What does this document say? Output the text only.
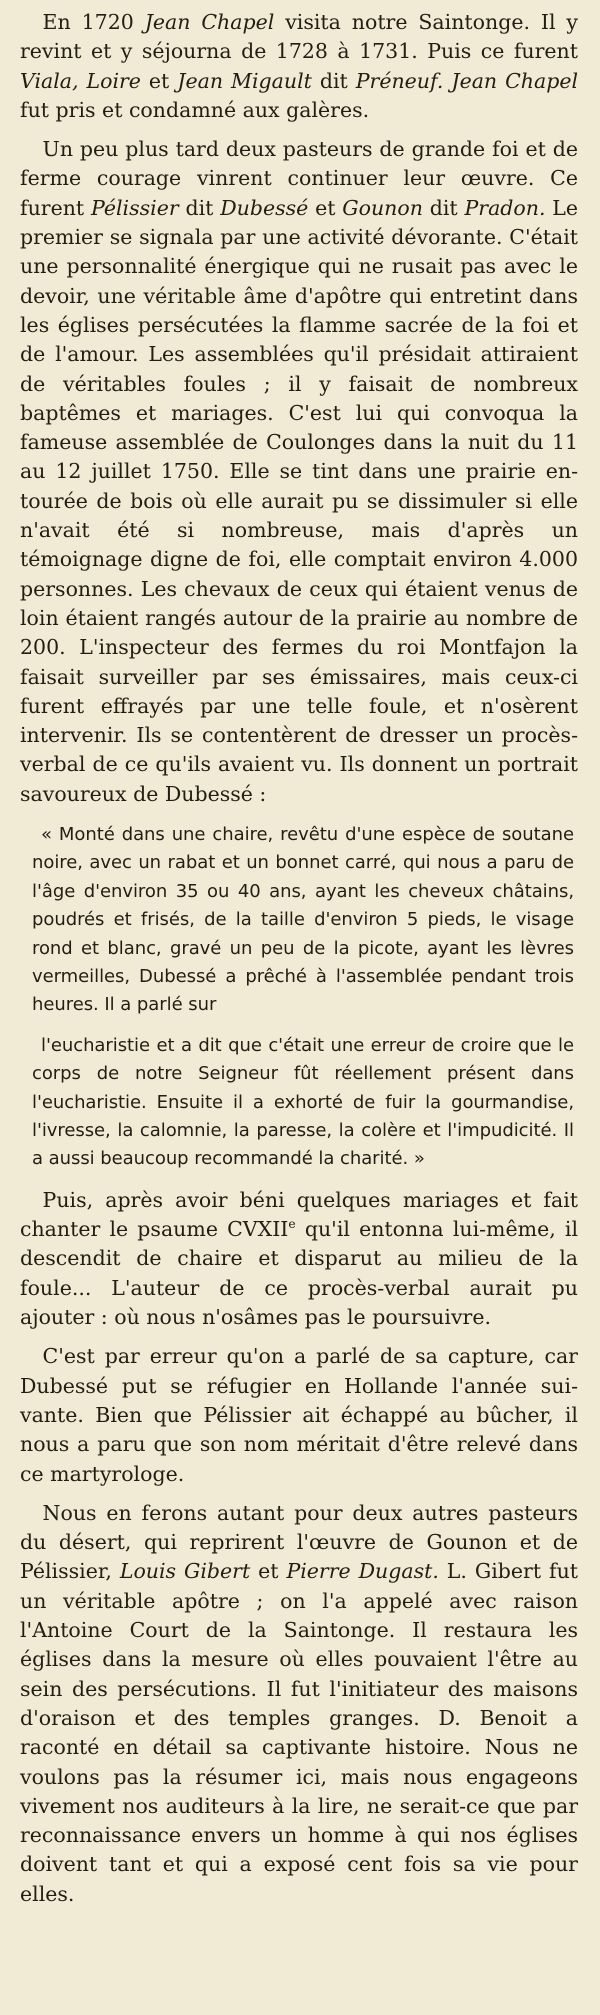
En 1720 Jean Chapel visita notre Saintonge. Il y revint et y séjourna de 1728 à 1731. Puis ce furent Viala, Loire et Jean Migault dit Préneuf. Jean Chapel fut pris et condamné aux galères.

Un peu plus tard deux pasteurs de grande foi et de ferme courage vinrent continuer leur œuvre. Ce furent Pélissier dit Dubessé et Gounon dit Pradon. Le premier se signala par une activité dévorante. C'était une personnalité énergique qui ne rusait pas avec le devoir, une véritable âme d'apôtre qui entretint dans les églises persécutées la flamme sacrée de la foi et de l'amour. Les assemblées qu'il présidait attiraient de véritables foules ; il y faisait de nombreux baptêmes et mariages. C'est lui qui convoqua la fameuse assemblée de Coulonges dans la nuit du 11 au 12 juillet 1750. Elle se tint dans une prairie entourée de bois où elle aurait pu se dissimuler si elle n'avait été si nombreuse, mais d'après un témoignage digne de foi, elle comptait environ 4.000 personnes. Les chevaux de ceux qui étaient venus de loin étaient rangés autour de la prairie au nombre de 200. L'inspecteur des fermes du roi Montfajon la faisait surveiller par ses émissaires, mais ceux-ci furent effrayés par une telle foule, et n'osèrent intervenir. Ils se contentèrent de dresser un procès-verbal de ce qu'ils avaient vu. Ils donnent un portrait savoureux de Dubessé :

« Monté dans une chaire, revêtu d'une espèce de soutane noire, avec un rabat et un bonnet carré, qui nous a paru de l'âge d'environ 35 ou 40 ans, ayant les cheveux châtains, poudrés et frisés, de la taille d'environ 5 pieds, le visage rond et blanc, gravé un peu de la picote, ayant les lèvres vermeilles, Dubessé a prêché à l'assemblée pendant trois heures. Il a parlé sur

l'eucharistie et a dit que c'était une erreur de croire que le corps de notre Seigneur fût réellement présent dans l'eucharistie. Ensuite il a exhorté de fuir la gourmandise, l'ivresse, la calomnie, la paresse, la colère et l'impudicité. Il a aussi beaucoup recommandé la charité. »

Puis, après avoir béni quelques mariages et fait chanter le psaume CVXIIe qu'il entonna lui-même, il descendit de chaire et disparut au milieu de la foule... L'auteur de ce procès-verbal aurait pu ajouter : où nous n'osâmes pas le poursuivre.

C'est par erreur qu'on a parlé de sa capture, car Dubessé put se réfugier en Hollande l'année suivante. Bien que Pélissier ait échappé au bûcher, il nous a paru que son nom méritait d'être relevé dans ce martyrologe.

Nous en ferons autant pour deux autres pasteurs du désert, qui reprirent l'œuvre de Gounon et de Pélissier, Louis Gibert et Pierre Dugast. L. Gibert fut un véritable apôtre ; on l'a appelé avec raison l'Antoine Court de la Saintonge. Il restaura les églises dans la mesure où elles pouvaient l'être au sein des persécutions. Il fut l'initiateur des maisons d'oraison et des temples granges. D. Benoit a raconté en détail sa captivante histoire. Nous ne voulons pas la résumer ici, mais nous engageons vivement nos auditeurs à la lire, ne serait-ce que par reconnaissance envers un homme à qui nos églises doivent tant et qui a exposé cent fois sa vie pour elles.
